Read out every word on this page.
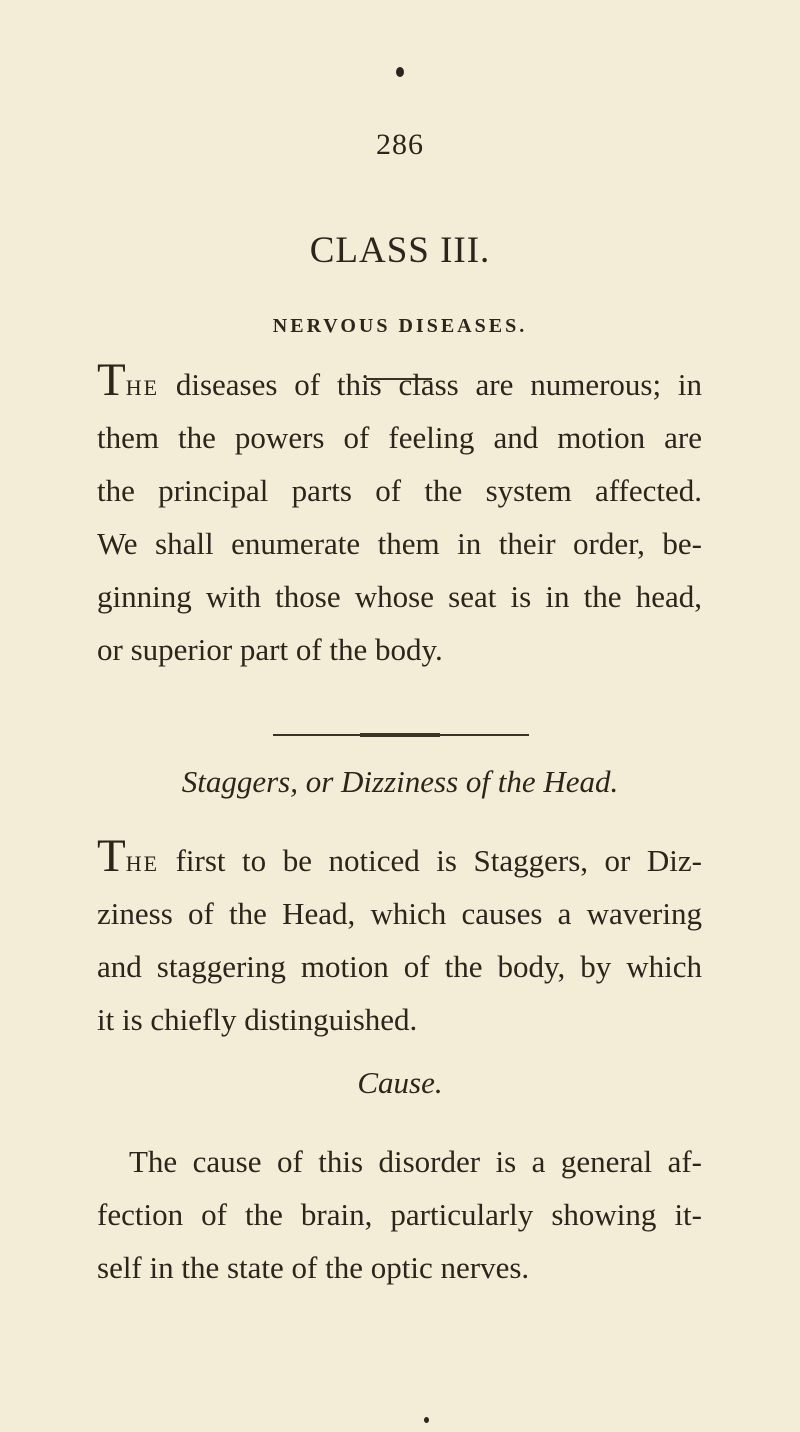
286
CLASS III.
NERVOUS DISEASES.
THE diseases of this class are numerous; in
them the powers of feeling and motion are
the principal parts of the system affected.
We shall enumerate them in their order, be-
ginning with those whose seat is in the head,
or superior part of the body.
Staggers, or Dizziness of the Head.
THE first to be noticed is Staggers, or Diz-
ziness of the Head, which causes a wavering
and staggering motion of the body, by which
it is chiefly distinguished.
Cause.
The cause of this disorder is a general af-
fection of the brain, particularly showing it-
self in the state of the optic nerves.
